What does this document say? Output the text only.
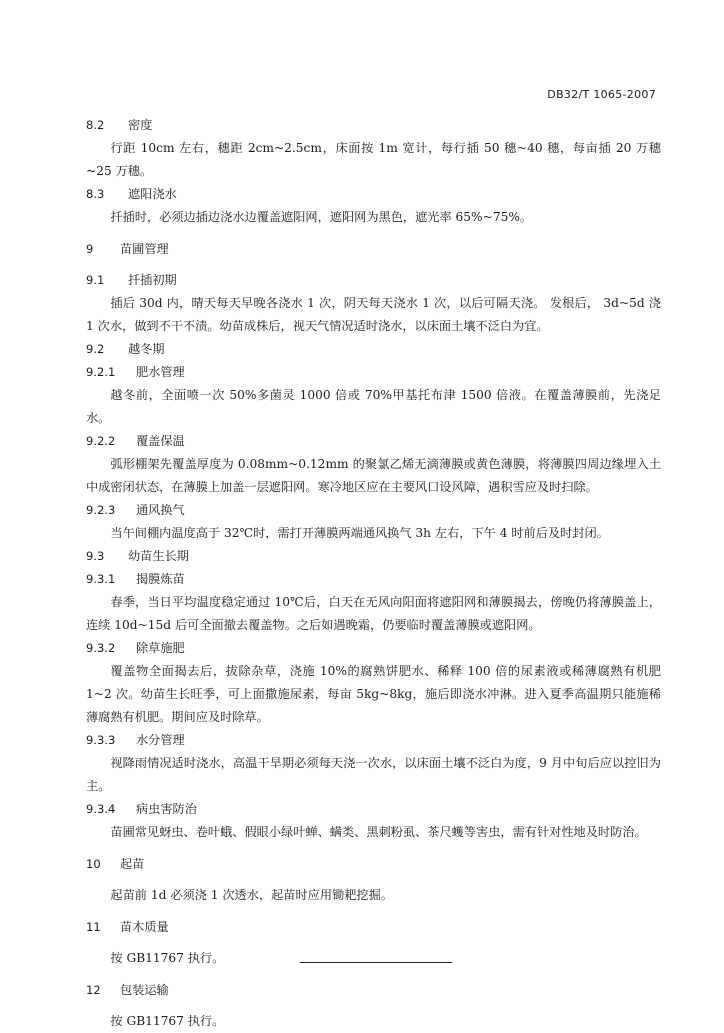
DB32/T 1065-2007
8.2	密度
行距 10cm 左右，穗距 2cm~2.5cm，床面按 1m 宽计，每行插 50 穗~40 穗，每亩插 20 万穗~25 万穗。
8.3	遮阳浇水
扦插时，必须边插边浇水边覆盖遮阳网，遮阳网为黑色，遮光率 65%~75%。
9	苗圃管理
9.1	扦插初期
插后 30d 内，晴天每天早晚各浇水 1 次，阴天每天浇水 1 次，以后可隔天浇。 发根后， 3d~5d 浇 1 次水，做到不干不渍。幼苗成株后，视天气情况适时浇水，以床面土壤不泛白为宜。
9.2	越冬期
9.2.1	肥水管理
越冬前，全面喷一次 50%多菌灵 1000 倍或 70%甲基托布津 1500 倍液。在覆盖薄膜前，先浇足水。
9.2.2	覆盖保温
弧形棚架先覆盖厚度为 0.08mm~0.12mm 的聚氯乙烯无滴薄膜或黄色薄膜，将薄膜四周边缘埋入土中成密闭状态，在薄膜上加盖一层遮阳网。寒冷地区应在主要风口设风障，遇积雪应及时扫除。
9.2.3	通风换气
当午间棚内温度高于 32℃时，需打开薄膜两端通风换气 3h 左右，下午 4 时前后及时封闭。
9.3	幼苗生长期
9.3.1	揭膜炼苗
春季，当日平均温度稳定通过 10℃后，白天在无风向阳面将遮阳网和薄膜揭去，傍晚仍将薄膜盖上，连续 10d~15d 后可全面撤去覆盖物。之后如遇晚霜，仍要临时覆盖薄膜或遮阳网。
9.3.2	除草施肥
覆盖物全面揭去后，拔除杂草，浇施 10%的腐熟饼肥水、稀释 100 倍的尿素液或稀薄腐熟有机肥 1~2 次。幼苗生长旺季，可上面撒施尿素，每亩 5kg~8kg，施后即浇水冲淋。进入夏季高温期只能施稀薄腐熟有机肥。期间应及时除草。
9.3.3	水分管理
视降雨情况适时浇水，高温干旱期必须每天浇一次水，以床面土壤不泛白为度，9 月中旬后应以控旧为主。
9.3.4	病虫害防治
苗圃常见蚜虫、卷叶蛾、假眼小绿叶蝉、螨类、黑刺粉虱、茶尺蠖等害虫，需有针对性地及时防治。
10	起苗
起苗前 1d 必须浇 1 次透水，起苗时应用锄耙挖掘。
11	苗木质量
按 GB11767 执行。
12	包装运输
按 GB11767 执行。
